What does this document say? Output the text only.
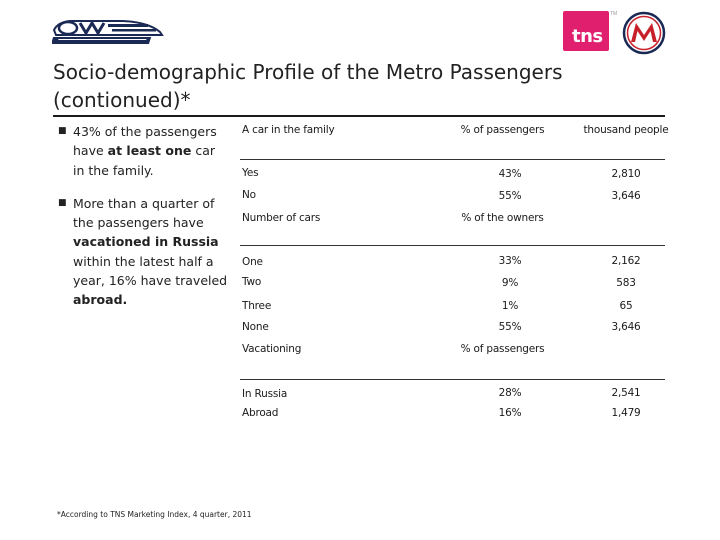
tns
TM
Socio-demographic Profile of the Metro Passengers (contionued)*
■ 43% of the passengers have at least one car in the family.
■ More than a quarter of the passengers have vacationed in Russia within the latest half a year, 16% have traveled abroad.
A car in the family	% of passengers	thousand people
Yes	43%	2,810
No	55%	3,646
Number of cars	% of the owners
One	33%	2,162
Two	9%	583
Three	1%	65
None	55%	3,646
Vacationing	% of passengers
In Russia	28%	2,541
Abroad	16%	1,479
*According to TNS Marketing Index, 4 quarter, 2011
